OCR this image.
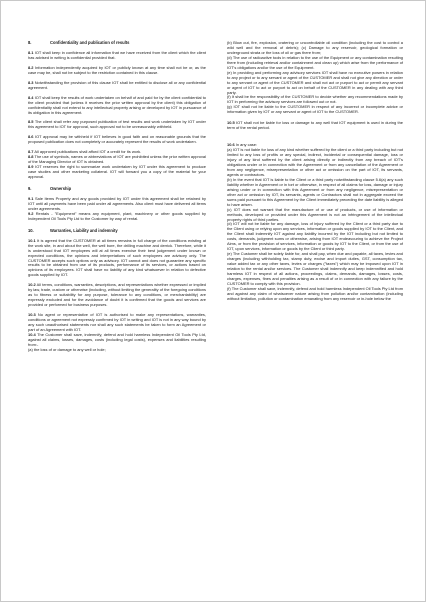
8.	Confidentiality and publication of results

8.1 IOT shall keep in confidence all information that we have received from the client which the client has advised in writing is confidential provided that.

8.2 Information independently acquired by IOT or publicly known at any time shall not be or, as the case may be, shall not be subject to the restriction contained in this clause.

8.3 Notwithstanding the provision of this clause IOT shall be entitled to disclose all or any confidential agreement.

8.4 IOT shall keep the results of work undertaken on behalf of and paid for by the client confidential to the client provided that (unless it receives the prior written approval by the client) this obligation of confidentiality shall not extend to any intellectual property arising or developed by IOT in pursuance of its obligation in this agreement.

8.5 The client shall refer any purposed publication of test results and work undertaken by IOT under this agreement to IOT for approval, such approval not to be unreasonably withheld.

8.6 IOT approval may be withheld if IOT believes in good faith and on reasonable grounds that the proposed publication does not completely or accurately represent the results of work undertaken.

8.7 All approved publications shall afford IOT a credit for its work.

8.8 The use of symbols, names or abbreviations of IOT are prohibited unless the prior written approval of the Managing Director of IOT is obtained.

8.9 IOT reserves the right to summarize work undertaken by IOT under this agreement to produce case studies and other marketing collateral. IOT will forward you a copy of the material for your approval.

9.	Ownership

9.1 Sale Items Property and any goods provided by IOT under this agreement shall be retained by IOT until all payments have been paid under all agreements. Also client must have delivered all items under agreements.

9.2 Rentals - "Equipment" means any equipment, plant, machinery or other goods supplied by Independent Oil Tools Pty Ltd to the Customer by way of rental.

10.	Warranties, Liability and indemnity

10.1 It is agreed that the CUSTOMER at all times remains in full charge of the conditions existing at the work site, in and about the well, the well bore, the drilling machine and derrick. Therefore, while it is understood that IOT employees will at all times exercise their best judgement under known or expected conditions, the opinions and interpretations of such employees are advisory only. The CUSTOMER accepts such options only as advisory. IOT cannot and does not guarantee any specific results to be obtained from use of its products, performance of its services, or actions based on opinions of its employees. IOT shall have no liability of any kind whatsoever in relation to defective goods supplied by IOT.

10.2 All terms, conditions, warranties, descriptions, and representations whether expressed or implied by law, trade, custom or otherwise (including, without limiting the generality of the foregoing conditions as to fitness or suitability for any purpose, tolerance to any conditions, or merchantability) are expressly excluded and for the avoidance of doubt it is confirmed that the goods and services are provided or performed for business purposes.

10.3 No agent or representative of IOT is authorised to make any representations, warranties, conditions or agreement not expressly confirmed by IOT in writing and IOT is not in any way bound by any such unauthorised statements nor shall any such statements be taken to form an Agreement or part of an Agreement with IOT.

10.4 The Customer shall save, indemnify, defend and hold harmless Independent Oil Tools Pty Ltd, against all claims, losses, damages, costs (including legal costs), expenses and liabilities resulting from:-

(a) the loss of or damage to any well or hole;

(b) Blow out, fire, explosion, cratering or uncontrollable oil condition (including the cost to control a wild well and the removal of debris); (c) Damage to any reservoir, geological formation or underground strata or the loss of oil or gas there from;

(d) The use of radioactive tools in relation to the use of the Equipment or any contamination resulting there from (including retrieval and/or containment and clean up) which arise from the performance of IOT's obligations and/or the use of the Equipment.

(e) In providing and performing any advisory services IOT shall have no executive powers in relation to any project or to any servant or agent of the CUSTOMER and shall not give any direction or order to any servant or agent of the CUSTOMER and shall not act or purport to act or permit any servant or agent of IOT to act or purport to act on behalf of the CUSTOMER in any dealing with any third party.

(f) It shall be the responsibility of the CUSTOMER to decide whether any recommendations made by IOT in performing the advisory services are followed out or not.

(g) IOT shall not be liable to the CUSTOMER in respect of any incorrect or incomplete advice or information given by IOT or any servant or agent of IOT to the CUSTOMER.

10.5 IOT shall not be liable for loss or damage to any well that IOT equipment is used in during the term of the rental period.

10.6 In any case:

(a) IOT is not liable for loss of any kind whether suffered by the client or a third party including but not limited to any loss of profits or any special, indirect, incidental or consequential damage, loss or injury of any kind suffered by the client arising directly or indirectly from any breach of IOT's obligations under or in connection with the Agreement or from any cancellation of the Agreement or from any negligence, misrepresentation or other act or omission on the part of IOT, its servants, agents or contractors.

(b) In the event that IOT is liable to the Client or a third party notwithstanding clause 5.6(a) any such liability whether in Agreement or in tort or otherwise, in respect of all claims for loss, damage or injury arising under or in connection with this Agreement or from any negligence, misrepresentation or other act or omission by IOT, its servants, agents or Contractors shall not in aggregate exceed the sums paid pursuant to this Agreement by the Client immediately preceding the date liability is alleged to have arisen.

(c) IOT does not warrant that the manufacture of or use of products, or use of information or methods, developed or provided under this Agreement is not an infringement of the intellectual property rights of third parties.

(d) IOT will not be liable for any damage, loss of injury suffered by the Client or a third party due to the Client using or relying upon any services, information or goods supplied by IOT to the Client, and the Client shall indemnify IOT against any liability incurred by the IOT including but not limited to costs, demands, judgment sums or otherwise, arising from IOT endeavouring to achieve the Project Aims, or from the provision of services, information or goods by IOT to the Client, or from the use of IOT, upon services, information or goods by the Client or third party.

(e) The Customer shall be solely liable for, and shall pay, when due and payable, all taxes, levies and charges (including withholding tax, stamp duty, excise and import duties, GST, consumption tax, value added tax or any other taxes, levies or charges ("taxes") which may be imposed upon IOT in relation to the rental and/or services. The Customer shall indemnify and keep indemnified and hold harmless IOT in respect of all actions, proceedings, claims, demands, damages, losses, costs, charges, expenses, fines and penalties arising as a result of or in connection with any failure by the CUSTOMER to comply with this provision.

(f) The Customer shall save, indemnify, defend and hold harmless Independent Oil Tools Pty Ltd from and against any claim of whatsoever nature arising from pollution and/or contamination (including without limitation, pollution or contamination emanating from any reservoir or in-hole below the
